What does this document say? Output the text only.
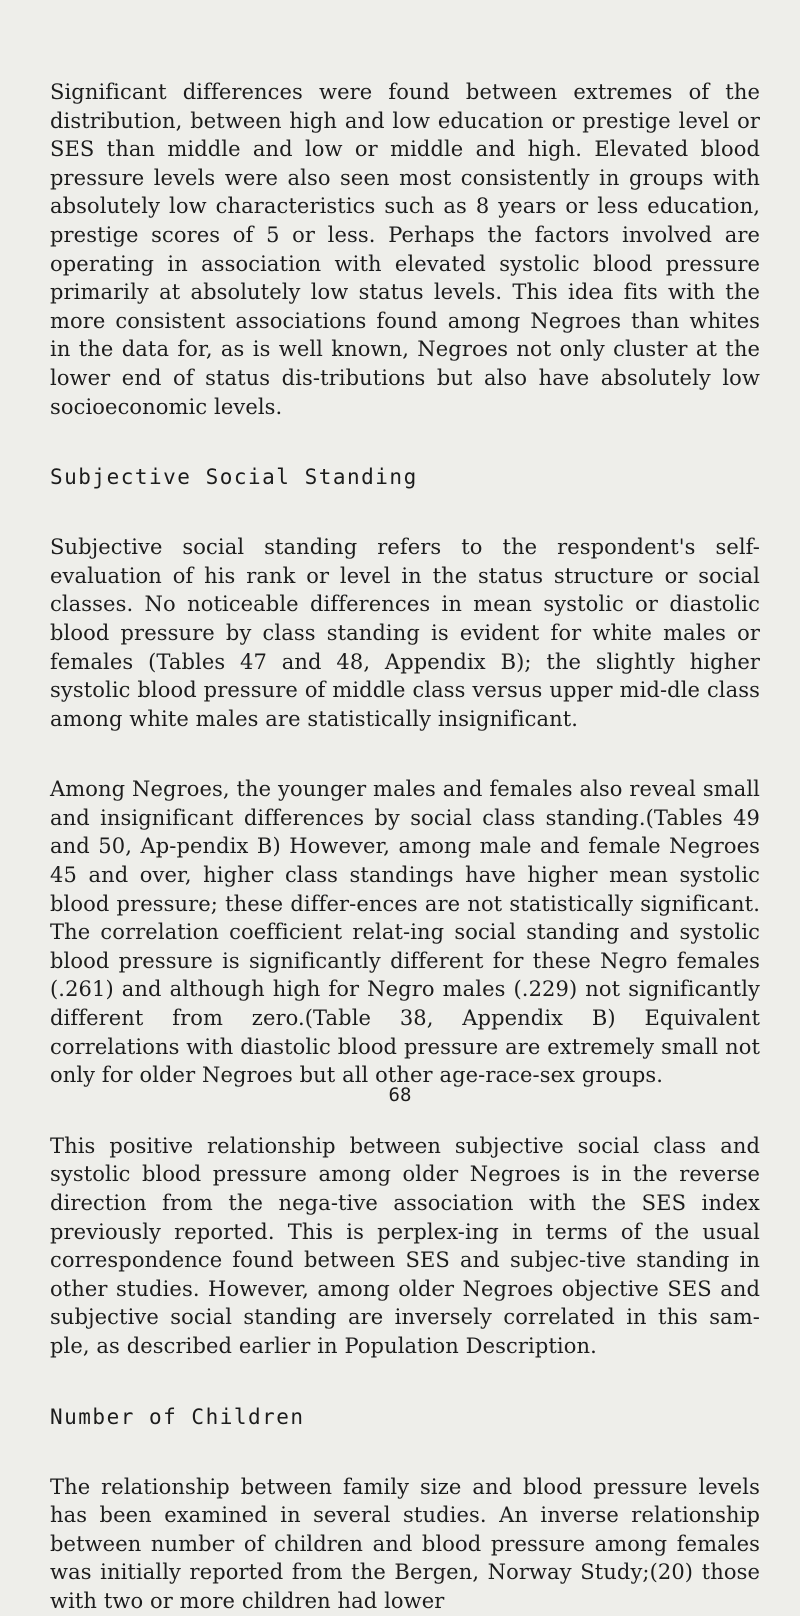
Significant differences were found between extremes of the distribution, between high and low education or prestige level or SES than middle and low or middle and high. Elevated blood pressure levels were also seen most consistently in groups with absolutely low characteristics such as 8 years or less education, prestige scores of 5 or less. Perhaps the factors involved are operating in association with elevated systolic blood pressure primarily at absolutely low status levels. This idea fits with the more consistent associations found among Negroes than whites in the data for, as is well known, Negroes not only cluster at the lower end of status dis-tributions but also have absolutely low socioeconomic levels.

Subjective Social Standing

Subjective social standing refers to the respondent's self-evaluation of his rank or level in the status structure or social classes. No noticeable differences in mean systolic or diastolic blood pressure by class standing is evident for white males or females (Tables 47 and 48, Appendix B); the slightly higher systolic blood pressure of middle class versus upper mid-dle class among white males are statistically insignificant.

Among Negroes, the younger males and females also reveal small and insignificant differences by social class standing.(Tables 49 and 50, Ap-pendix B) However, among male and female Negroes 45 and over, higher class standings have higher mean systolic blood pressure; these differ-ences are not statistically significant. The correlation coefficient relat-ing social standing and systolic blood pressure is significantly different for these Negro females (.261) and although high for Negro males (.229) not significantly different from zero.(Table 38, Appendix B) Equivalent correlations with diastolic blood pressure are extremely small not only for older Negroes but all other age-race-sex groups.

This positive relationship between subjective social class and systolic blood pressure among older Negroes is in the reverse direction from the nega-tive association with the SES index previously reported. This is perplex-ing in terms of the usual correspondence found between SES and subjec-tive standing in other studies. However, among older Negroes objective SES and subjective social standing are inversely correlated in this sam-ple, as described earlier in Population Description.

Number of Children

The relationship between family size and blood pressure levels has been examined in several studies. An inverse relationship between number of children and blood pressure among females was initially reported from the Bergen, Norway Study;(20) those with two or more children had lower

68
